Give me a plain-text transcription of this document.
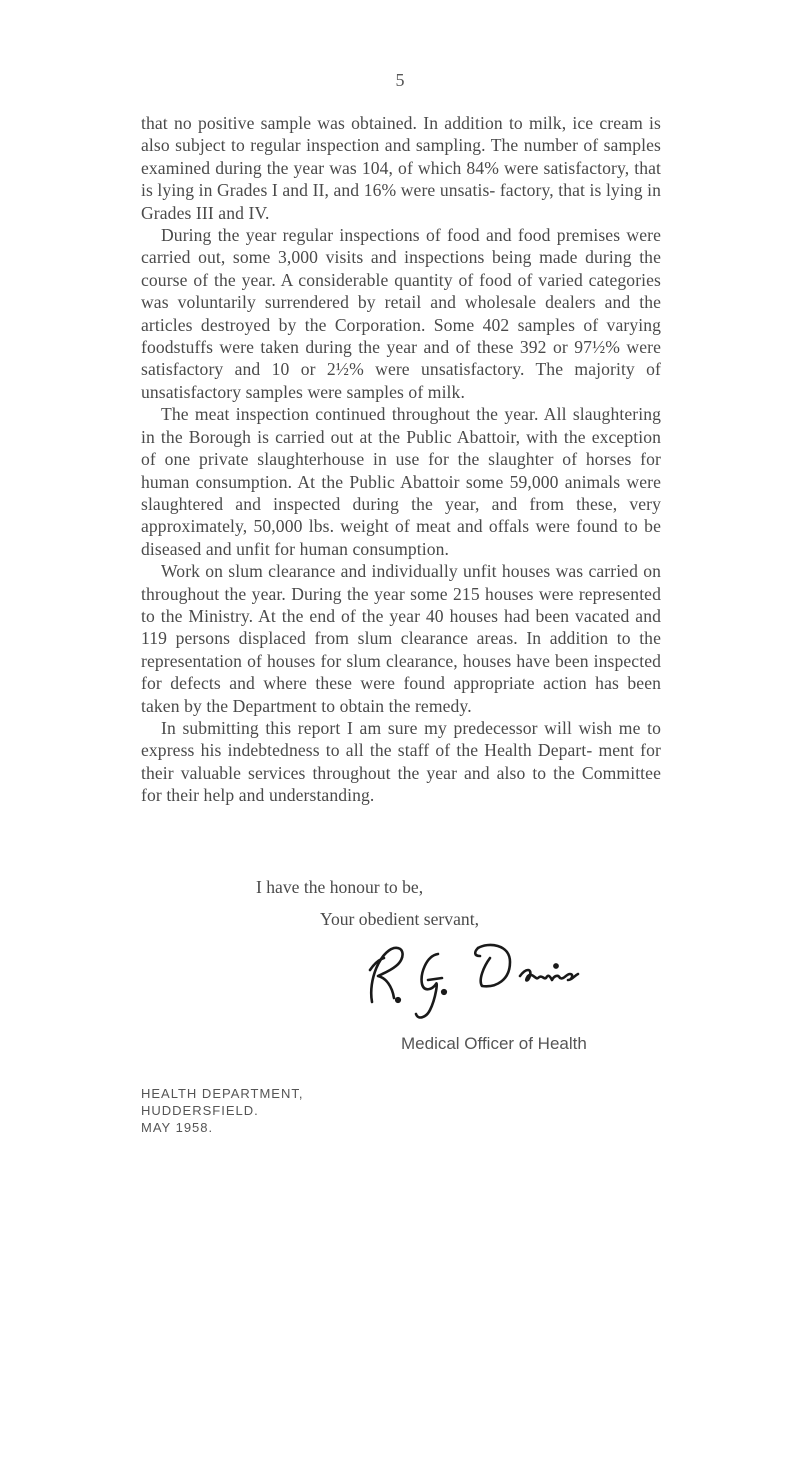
5

that no positive sample was obtained. In addition to milk, ice cream is also subject to regular inspection and sampling. The number of samples examined during the year was 104, of which 84% were satisfactory, that is lying in Grades I and II, and 16% were unsatis- factory, that is lying in Grades III and IV.

During the year regular inspections of food and food premises were carried out, some 3,000 visits and inspections being made during the course of the year. A considerable quantity of food of varied categories was voluntarily surrendered by retail and wholesale dealers and the articles destroyed by the Corporation. Some 402 samples of varying foodstuffs were taken during the year and of these 392 or 97½% were satisfactory and 10 or 2½% were unsatisfactory. The majority of unsatisfactory samples were samples of milk.

The meat inspection continued throughout the year. All slaughtering in the Borough is carried out at the Public Abattoir, with the exception of one private slaughterhouse in use for the slaughter of horses for human consumption. At the Public Abattoir some 59,000 animals were slaughtered and inspected during the year, and from these, very approximately, 50,000 lbs. weight of meat and offals were found to be diseased and unfit for human consumption.

Work on slum clearance and individually unfit houses was carried on throughout the year. During the year some 215 houses were represented to the Ministry. At the end of the year 40 houses had been vacated and 119 persons displaced from slum clearance areas. In addition to the representation of houses for slum clearance, houses have been inspected for defects and where these were found appropriate action has been taken by the Department to obtain the remedy.

In submitting this report I am sure my predecessor will wish me to express his indebtedness to all the staff of the Health Depart- ment for their valuable services throughout the year and also to the Committee for their help and understanding.

I have the honour to be,
Your obedient servant,
Medical Officer of Health
HEALTH DEPARTMENT,
HUDDERSFIELD.
MAY 1958.
